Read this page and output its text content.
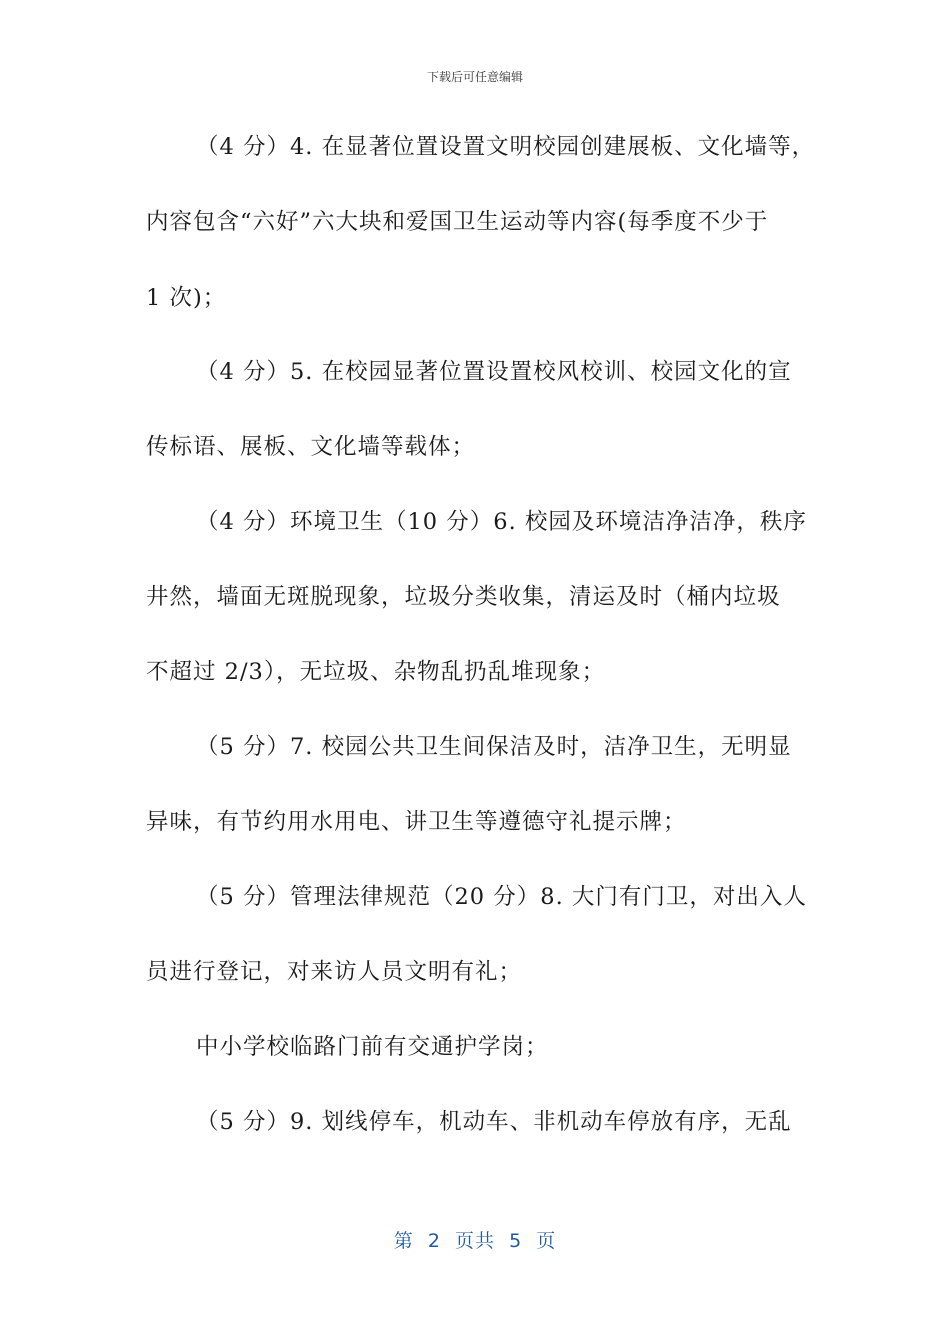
下载后可任意编辑
（4 分）4. 在显著位置设置文明校园创建展板、文化墙等，
内容包含“六好”六大块和爱国卫生运动等内容(每季度不少于
1 次)；
（4 分）5. 在校园显著位置设置校风校训、校园文化的宣
传标语、展板、文化墙等载体；
（4 分）环境卫生（10 分）6. 校园及环境洁净洁净，秩序
井然，墙面无斑脱现象，垃圾分类收集，清运及时（桶内垃圾
不超过 2/3），无垃圾、杂物乱扔乱堆现象；
（5 分）7. 校园公共卫生间保洁及时，洁净卫生，无明显
异味，有节约用水用电、讲卫生等遵德守礼提示牌；
（5 分）管理法律规范（20 分）8. 大门有门卫，对出入人
员进行登记，对来访人员文明有礼；
中小学校临路门前有交通护学岗；
（5 分）9. 划线停车，机动车、非机动车停放有序，无乱
第  2  页共  5  页
